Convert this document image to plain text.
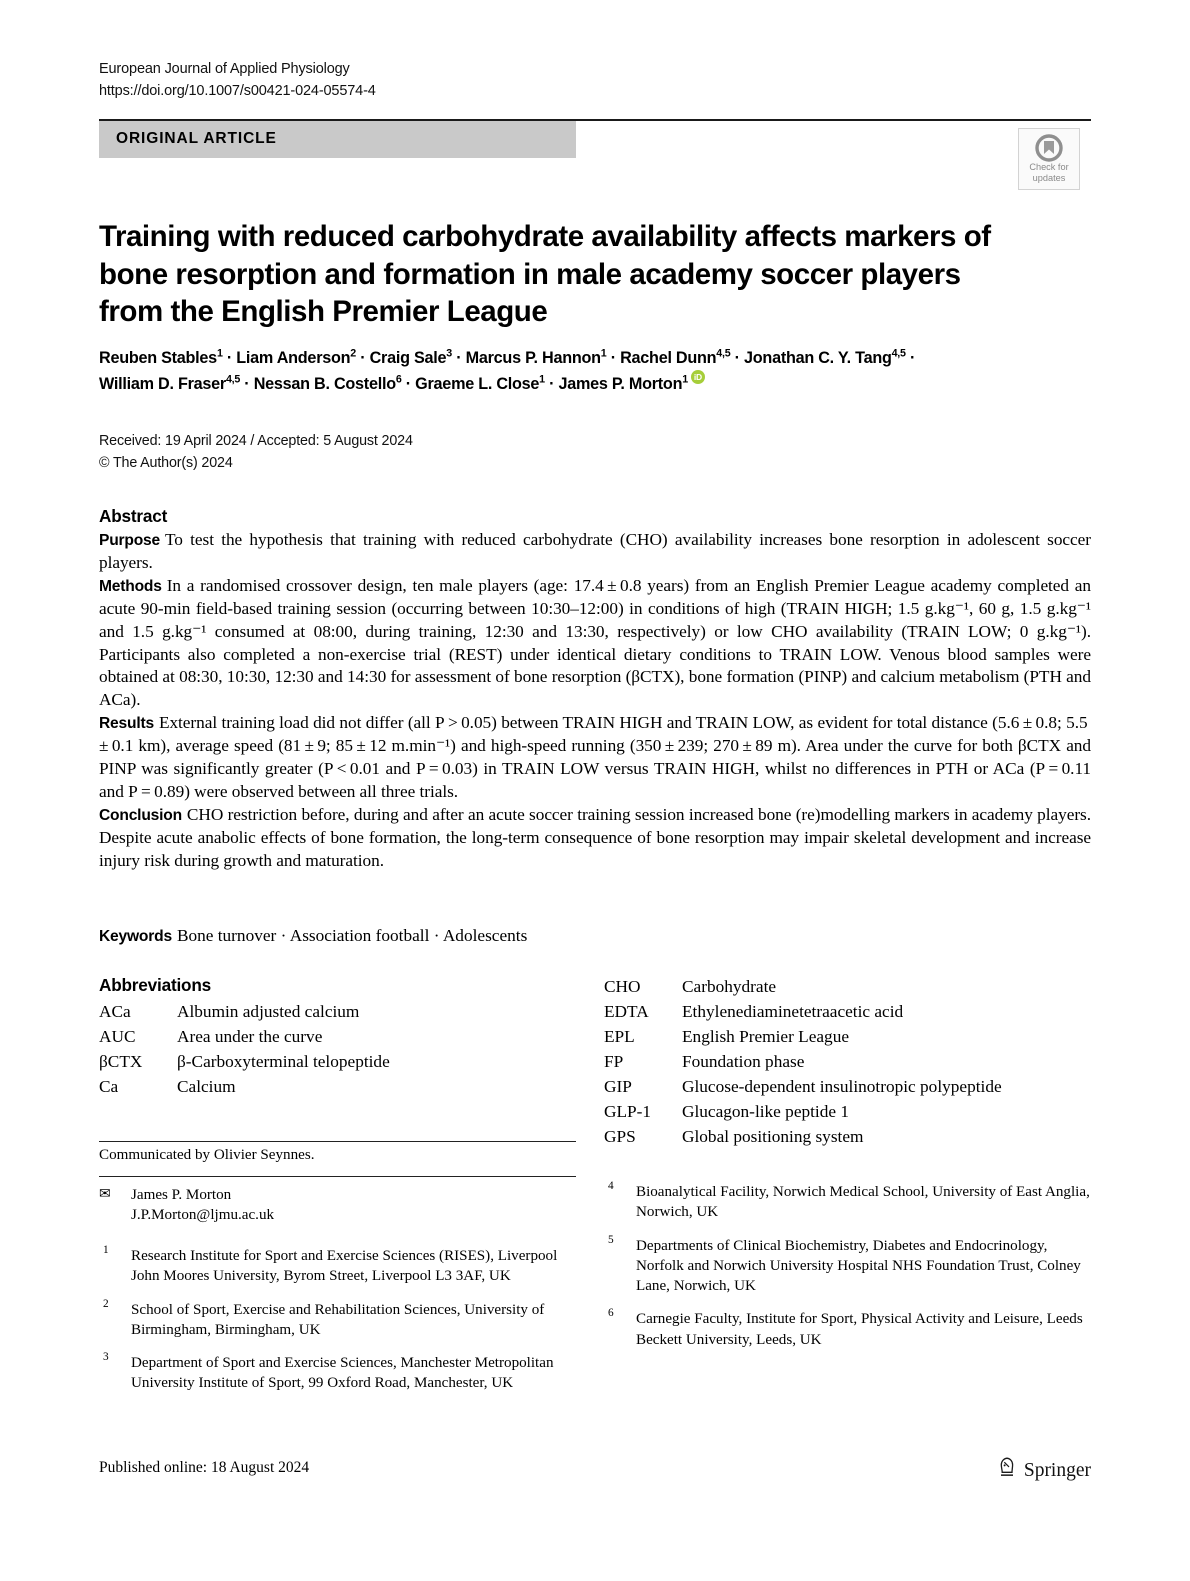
European Journal of Applied Physiology
https://doi.org/10.1007/s00421-024-05574-4
ORIGINAL ARTICLE
Check for
updates
Training with reduced carbohydrate availability affects markers of bone resorption and formation in male academy soccer players from the English Premier League
Reuben Stables$^1$ · Liam Anderson$^2$ · Craig Sale$^3$ · Marcus P. Hannon$^1$ · Rachel Dunn$^{4,5}$ · Jonathan C. Y. Tang$^{4,5}$ ·
William D. Fraser$^{4,5}$ · Nessan B. Costello$^6$ · Graeme L. Close$^1$ · James P. Morton$^1$iD
Received: 19 April 2024 / Accepted: 5 August 2024
© The Author(s) 2024
Abstract

Purpose To test the hypothesis that training with reduced carbohydrate (CHO) availability increases bone resorption in adolescent soccer players.

Methods In a randomised crossover design, ten male players (age: 17.4 ± 0.8 years) from an English Premier League academy completed an acute 90-min field-based training session (occurring between 10:30–12:00) in conditions of high (TRAIN HIGH; 1.5 g.kg⁻¹, 60 g, 1.5 g.kg⁻¹ and 1.5 g.kg⁻¹ consumed at 08:00, during training, 12:30 and 13:30, respectively) or low CHO availability (TRAIN LOW; 0 g.kg⁻¹). Participants also completed a non-exercise trial (REST) under identical dietary conditions to TRAIN LOW. Venous blood samples were obtained at 08:30, 10:30, 12:30 and 14:30 for assessment of bone resorption (βCTX), bone formation (PINP) and calcium metabolism (PTH and ACa).

Results External training load did not differ (all P > 0.05) between TRAIN HIGH and TRAIN LOW, as evident for total distance (5.6 ± 0.8; 5.5 ± 0.1 km), average speed (81 ± 9; 85 ± 12 m.min⁻¹) and high-speed running (350 ± 239; 270 ± 89 m). Area under the curve for both βCTX and PINP was significantly greater (P < 0.01 and P = 0.03) in TRAIN LOW versus TRAIN HIGH, whilst no differences in PTH or ACa (P = 0.11 and P = 0.89) were observed between all three trials.

Conclusion CHO restriction before, during and after an acute soccer training session increased bone (re)modelling markers in academy players. Despite acute anabolic effects of bone formation, the long-term consequence of bone resorption may impair skeletal development and increase injury risk during growth and maturation.

Keywords Bone turnover · Association football · Adolescents
Abbreviations
ACa	Albumin adjusted calcium
AUC	Area under the curve
βCTX	β-Carboxyterminal telopeptide
Ca	Calcium
CHO	Carbohydrate
EDTA	Ethylenediaminetetraacetic acid
EPL	English Premier League
FP	Foundation phase
GIP	Glucose-dependent insulinotropic polypeptide
GLP-1	Glucagon-like peptide 1
GPS	Global positioning system
Communicated by Olivier Seynnes.
✉ James P. Morton
J.P.Morton@ljmu.ac.uk
1 Research Institute for Sport and Exercise Sciences (RISES), Liverpool John Moores University, Byrom Street, Liverpool L3 3AF, UK
2 School of Sport, Exercise and Rehabilitation Sciences, University of Birmingham, Birmingham, UK
3 Department of Sport and Exercise Sciences, Manchester Metropolitan University Institute of Sport, 99 Oxford Road, Manchester, UK
4 Bioanalytical Facility, Norwich Medical School, University of East Anglia, Norwich, UK
5 Departments of Clinical Biochemistry, Diabetes and Endocrinology, Norfolk and Norwich University Hospital NHS Foundation Trust, Colney Lane, Norwich, UK
6 Carnegie Faculty, Institute for Sport, Physical Activity and Leisure, Leeds Beckett University, Leeds, UK
Published online: 18 August 2024	Springer
